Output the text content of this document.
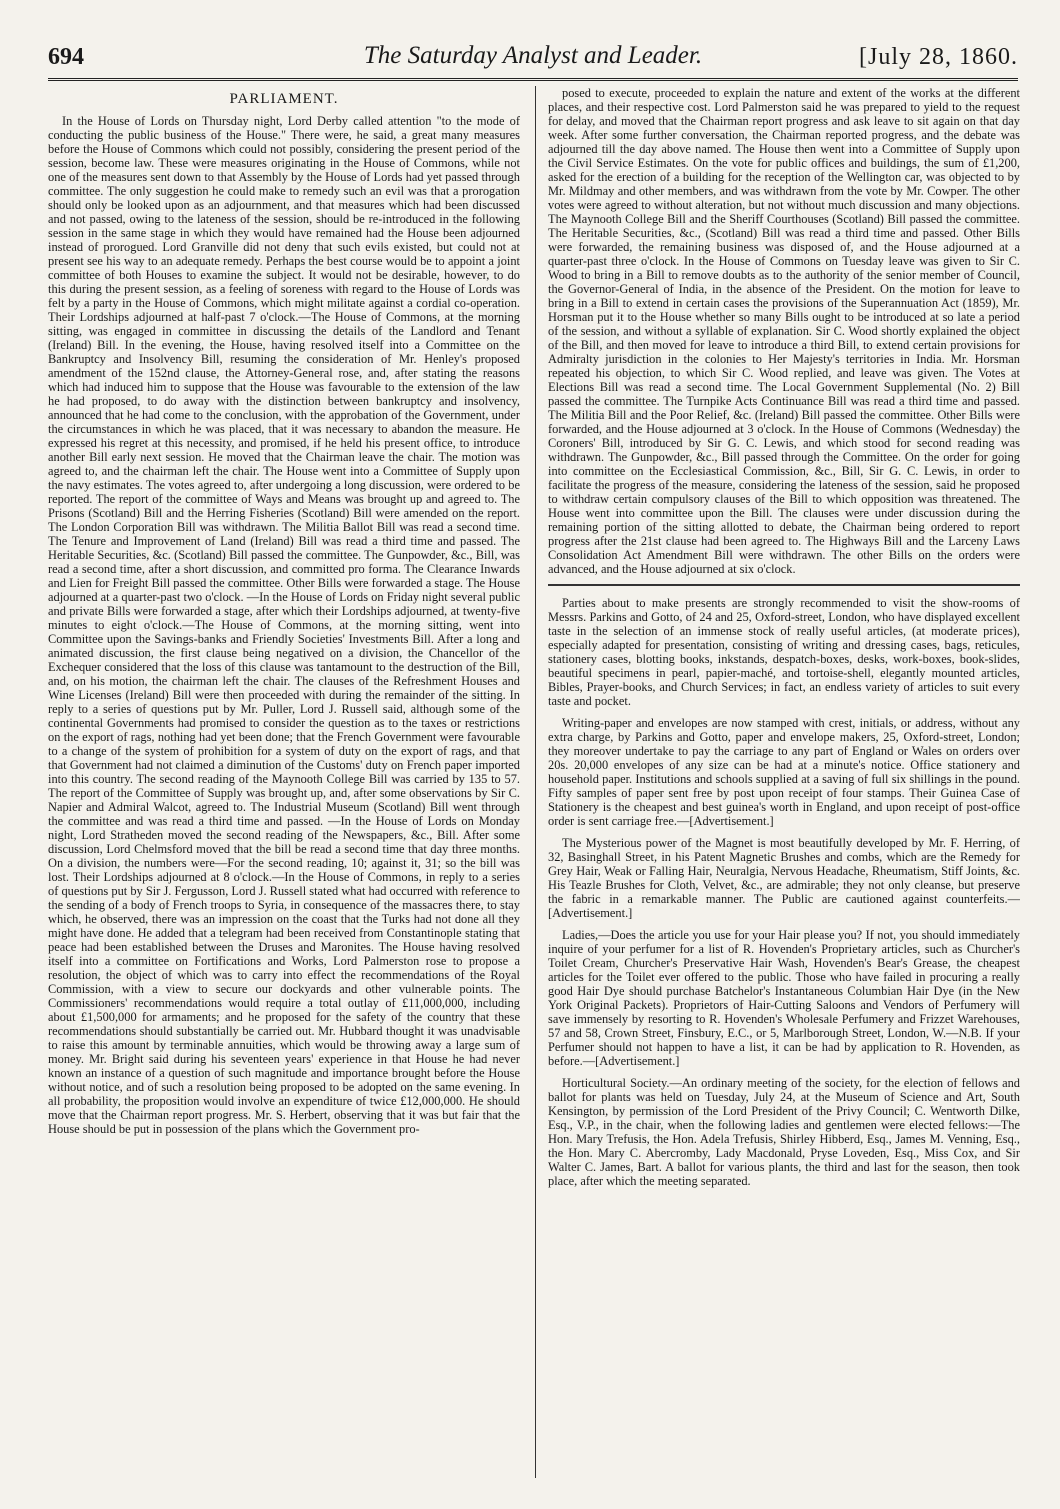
694	The Saturday Analyst and Leader.	[July 28, 1860.
PARLIAMENT.

In the House of Lords on Thursday night, Lord Derby called attention "to the mode of conducting the public business of the House." There were, he said, a great many measures before the House of Commons which could not possibly, considering the present period of the session, become law. These were measures originating in the House of Commons, while not one of the measures sent down to that Assembly by the House of Lords had yet passed through committee. The only suggestion he could make to remedy such an evil was that a prorogation should only be looked upon as an adjournment, and that measures which had been discussed and not passed, owing to the lateness of the session, should be re-introduced in the following session in the same stage in which they would have remained had the House been adjourned instead of prorogued. Lord Granville did not deny that such evils existed, but could not at present see his way to an adequate remedy. Perhaps the best course would be to appoint a joint committee of both Houses to examine the subject. It would not be desirable, however, to do this during the present session, as a feeling of soreness with regard to the House of Lords was felt by a party in the House of Commons, which might militate against a cordial co-operation. Their Lordships adjourned at half-past 7 o'clock.—The House of Commons, at the morning sitting, was engaged in committee in discussing the details of the Landlord and Tenant (Ireland) Bill. In the evening, the House, having resolved itself into a Committee on the Bankruptcy and Insolvency Bill, resuming the consideration of Mr. Henley's proposed amendment of the 152nd clause, the Attorney-General rose, and, after stating the reasons which had induced him to suppose that the House was favourable to the extension of the law he had proposed, to do away with the distinction between bankruptcy and insolvency, announced that he had come to the conclusion, with the approbation of the Government, under the circumstances in which he was placed, that it was necessary to abandon the measure. He expressed his regret at this necessity, and promised, if he held his present office, to introduce another Bill early next session. He moved that the Chairman leave the chair. The motion was agreed to, and the chairman left the chair. The House went into a Committee of Supply upon the navy estimates. The votes agreed to, after undergoing a long discussion, were ordered to be reported. The report of the committee of Ways and Means was brought up and agreed to. The Prisons (Scotland) Bill and the Herring Fisheries (Scotland) Bill were amended on the report. The London Corporation Bill was withdrawn. The Militia Ballot Bill was read a second time. The Tenure and Improvement of Land (Ireland) Bill was read a third time and passed. The Heritable Securities, &c. (Scotland) Bill passed the committee. The Gunpowder, &c., Bill, was read a second time, after a short discussion, and committed pro forma. The Clearance Inwards and Lien for Freight Bill passed the committee. Other Bills were forwarded a stage. The House adjourned at a quarter-past two o'clock. —In the House of Lords on Friday night several public and private Bills were forwarded a stage, after which their Lordships adjourned, at twenty-five minutes to eight o'clock.—The House of Commons, at the morning sitting, went into Committee upon the Savings-banks and Friendly Societies' Investments Bill. After a long and animated discussion, the first clause being negatived on a division, the Chancellor of the Exchequer considered that the loss of this clause was tantamount to the destruction of the Bill, and, on his motion, the chairman left the chair. The clauses of the Refreshment Houses and Wine Licenses (Ireland) Bill were then proceeded with during the remainder of the sitting. In reply to a series of questions put by Mr. Puller, Lord J. Russell said, although some of the continental Governments had promised to consider the question as to the taxes or restrictions on the export of rags, nothing had yet been done; that the French Government were favourable to a change of the system of prohibition for a system of duty on the export of rags, and that that Government had not claimed a diminution of the Customs' duty on French paper imported into this country. The second reading of the Maynooth College Bill was carried by 135 to 57. The report of the Committee of Supply was brought up, and, after some observations by Sir C. Napier and Admiral Walcot, agreed to. The Industrial Museum (Scotland) Bill went through the committee and was read a third time and passed. —In the House of Lords on Monday night, Lord Stratheden moved the second reading of the Newspapers, &c., Bill. After some discussion, Lord Chelmsford moved that the bill be read a second time that day three months. On a division, the numbers were—For the second reading, 10; against it, 31; so the bill was lost. Their Lordships adjourned at 8 o'clock.—In the House of Commons, in reply to a series of questions put by Sir J. Fergusson, Lord J. Russell stated what had occurred with reference to the sending of a body of French troops to Syria, in consequence of the massacres there, to stay which, he observed, there was an impression on the coast that the Turks had not done all they might have done. He added that a telegram had been received from Constantinople stating that peace had been established between the Druses and Maronites. The House having resolved itself into a committee on Fortifications and Works, Lord Palmerston rose to propose a resolution, the object of which was to carry into effect the recommendations of the Royal Commission, with a view to secure our dockyards and other vulnerable points. The Commissioners' recommendations would require a total outlay of £11,000,000, including about £1,500,000 for armaments; and he proposed for the safety of the country that these recommendations should substantially be carried out. Mr. Hubbard thought it was unadvisable to raise this amount by terminable annuities, which would be throwing away a large sum of money. Mr. Bright said during his seventeen years' experience in that House he had never known an instance of a question of such magnitude and importance brought before the House without notice, and of such a resolution being proposed to be adopted on the same evening. In all probability, the proposition would involve an expenditure of twice £12,000,000. He should move that the Chairman report progress. Mr. S. Herbert, observing that it was but fair that the House should be put in possession of the plans which the Government pro-

posed to execute, proceeded to explain the nature and extent of the works at the different places, and their respective cost. Lord Palmerston said he was prepared to yield to the request for delay, and moved that the Chairman report progress and ask leave to sit again on that day week. After some further conversation, the Chairman reported progress, and the debate was adjourned till the day above named. The House then went into a Committee of Supply upon the Civil Service Estimates. On the vote for public offices and buildings, the sum of £1,200, asked for the erection of a building for the reception of the Wellington car, was objected to by Mr. Mildmay and other members, and was withdrawn from the vote by Mr. Cowper. The other votes were agreed to without alteration, but not without much discussion and many objections. The Maynooth College Bill and the Sheriff Courthouses (Scotland) Bill passed the committee. The Heritable Securities, &c., (Scotland) Bill was read a third time and passed. Other Bills were forwarded, the remaining business was disposed of, and the House adjourned at a quarter-past three o'clock. In the House of Commons on Tuesday leave was given to Sir C. Wood to bring in a Bill to remove doubts as to the authority of the senior member of Council, the Governor-General of India, in the absence of the President. On the motion for leave to bring in a Bill to extend in certain cases the provisions of the Superannuation Act (1859), Mr. Horsman put it to the House whether so many Bills ought to be introduced at so late a period of the session, and without a syllable of explanation. Sir C. Wood shortly explained the object of the Bill, and then moved for leave to introduce a third Bill, to extend certain provisions for Admiralty jurisdiction in the colonies to Her Majesty's territories in India. Mr. Horsman repeated his objection, to which Sir C. Wood replied, and leave was given. The Votes at Elections Bill was read a second time. The Local Government Supplemental (No. 2) Bill passed the committee. The Turnpike Acts Continuance Bill was read a third time and passed. The Militia Bill and the Poor Relief, &c. (Ireland) Bill passed the committee. Other Bills were forwarded, and the House adjourned at 3 o'clock. In the House of Commons (Wednesday) the Coroners' Bill, introduced by Sir G. C. Lewis, and which stood for second reading was withdrawn. The Gunpowder, &c., Bill passed through the Committee. On the order for going into committee on the Ecclesiastical Commission, &c., Bill, Sir G. C. Lewis, in order to facilitate the progress of the measure, considering the lateness of the session, said he proposed to withdraw certain compulsory clauses of the Bill to which opposition was threatened. The House went into committee upon the Bill. The clauses were under discussion during the remaining portion of the sitting allotted to debate, the Chairman being ordered to report progress after the 21st clause had been agreed to. The Highways Bill and the Larceny Laws Consolidation Act Amendment Bill were withdrawn. The other Bills on the orders were advanced, and the House adjourned at six o'clock.

Parties about to make presents are strongly recommended to visit the show-rooms of Messrs. Parkins and Gotto, of 24 and 25, Oxford-street, London, who have displayed excellent taste in the selection of an immense stock of really useful articles, (at moderate prices), especially adapted for presentation, consisting of writing and dressing cases, bags, reticules, stationery cases, blotting books, inkstands, despatch-boxes, desks, work-boxes, book-slides, beautiful specimens in pearl, papier-maché, and tortoise-shell, elegantly mounted articles, Bibles, Prayer-books, and Church Services; in fact, an endless variety of articles to suit every taste and pocket.

Writing-paper and envelopes are now stamped with crest, initials, or address, without any extra charge, by Parkins and Gotto, paper and envelope makers, 25, Oxford-street, London; they moreover undertake to pay the carriage to any part of England or Wales on orders over 20s. 20,000 envelopes of any size can be had at a minute's notice. Office stationery and household paper. Institutions and schools supplied at a saving of full six shillings in the pound. Fifty samples of paper sent free by post upon receipt of four stamps. Their Guinea Case of Stationery is the cheapest and best guinea's worth in England, and upon receipt of post-office order is sent carriage free.—[Advertisement.]

The Mysterious power of the Magnet is most beautifully developed by Mr. F. Herring, of 32, Basinghall Street, in his Patent Magnetic Brushes and combs, which are the Remedy for Grey Hair, Weak or Falling Hair, Neuralgia, Nervous Headache, Rheumatism, Stiff Joints, &c. His Teazle Brushes for Cloth, Velvet, &c., are admirable; they not only cleanse, but preserve the fabric in a remarkable manner. The Public are cautioned against counterfeits.—[Advertisement.]

Ladies,—Does the article you use for your Hair please you? If not, you should immediately inquire of your perfumer for a list of R. Hovenden's Proprietary articles, such as Churcher's Toilet Cream, Churcher's Preservative Hair Wash, Hovenden's Bear's Grease, the cheapest articles for the Toilet ever offered to the public. Those who have failed in procuring a really good Hair Dye should purchase Batchelor's Instantaneous Columbian Hair Dye (in the New York Original Packets). Proprietors of Hair-Cutting Saloons and Vendors of Perfumery will save immensely by resorting to R. Hovenden's Wholesale Perfumery and Frizzet Warehouses, 57 and 58, Crown Street, Finsbury, E.C., or 5, Marlborough Street, London, W.—N.B. If your Perfumer should not happen to have a list, it can be had by application to R. Hovenden, as before.—[Advertisement.]

Horticultural Society.—An ordinary meeting of the society, for the election of fellows and ballot for plants was held on Tuesday, July 24, at the Museum of Science and Art, South Kensington, by permission of the Lord President of the Privy Council; C. Wentworth Dilke, Esq., V.P., in the chair, when the following ladies and gentlemen were elected fellows:—The Hon. Mary Trefusis, the Hon. Adela Trefusis, Shirley Hibberd, Esq., James M. Venning, Esq., the Hon. Mary C. Abercromby, Lady Macdonald, Pryse Loveden, Esq., Miss Cox, and Sir Walter C. James, Bart. A ballot for various plants, the third and last for the season, then took place, after which the meeting separated.
